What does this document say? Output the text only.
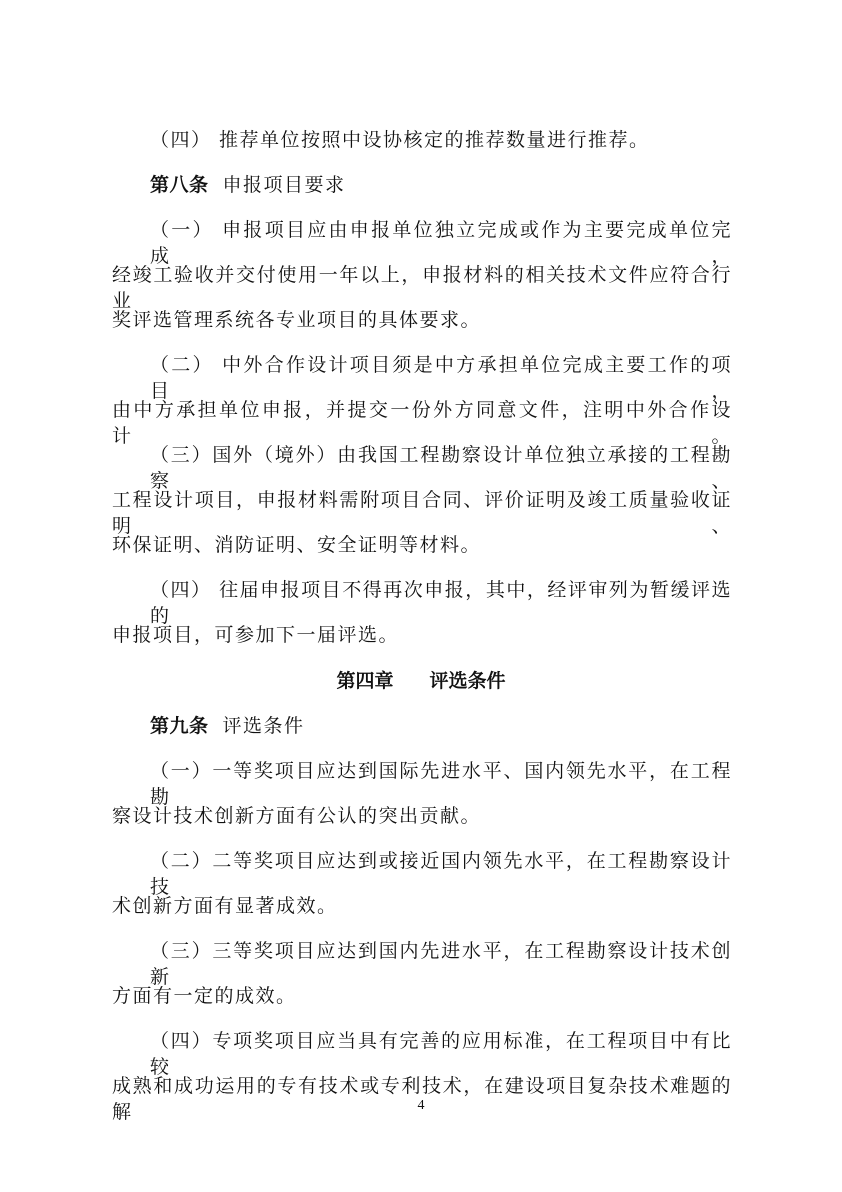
（四） 推荐单位按照中设协核定的推荐数量进行推荐。
第八条 申报项目要求
（一） 申报项目应由申报单位独立完成或作为主要完成单位完成，
经竣工验收并交付使用一年以上，申报材料的相关技术文件应符合行业
奖评选管理系统各专业项目的具体要求。
（二） 中外合作设计项目须是中方承担单位完成主要工作的项目，
由中方承担单位申报，并提交一份外方同意文件，注明中外合作设计。
（三）国外（境外）由我国工程勘察设计单位独立承接的工程勘察、
工程设计项目，申报材料需附项目合同、评价证明及竣工质量验收证明、
环保证明、消防证明、安全证明等材料。
（四） 往届申报项目不得再次申报，其中，经评审列为暂缓评选的
申报项目，可参加下一届评选。
第四章 评选条件
第九条 评选条件
（一）一等奖项目应达到国际先进水平、国内领先水平，在工程勘
察设计技术创新方面有公认的突出贡献。
（二）二等奖项目应达到或接近国内领先水平，在工程勘察设计技
术创新方面有显著成效。
（三）三等奖项目应达到国内先进水平，在工程勘察设计技术创新
方面有一定的成效。
（四）专项奖项目应当具有完善的应用标准，在工程项目中有比较
成熟和成功运用的专有技术或专利技术，在建设项目复杂技术难题的解	4
